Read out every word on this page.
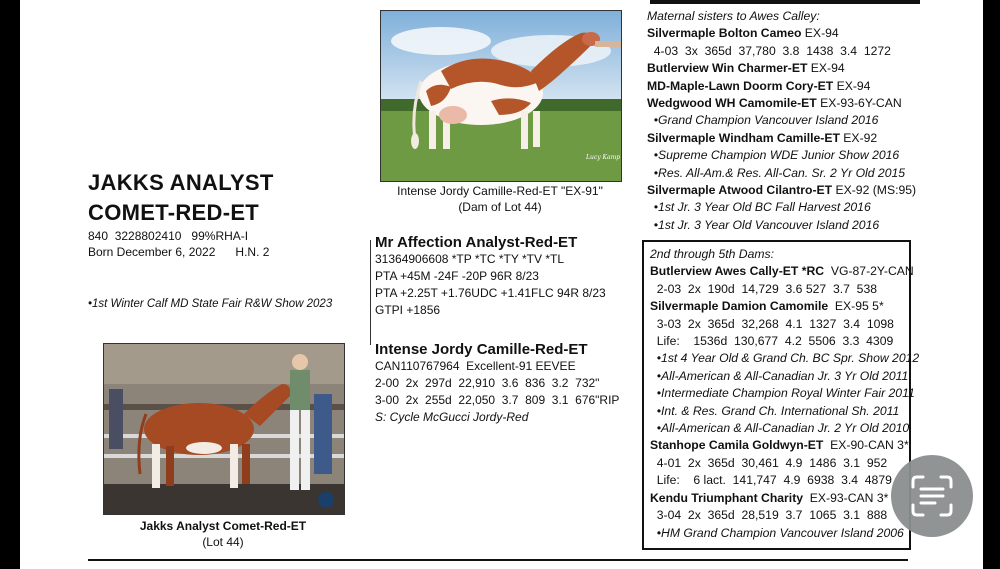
Lucy Kamp
Intense Jordy Camille-Red-ET "EX-91"
(Dam of Lot 44)
JAKKS ANALYST
COMET-RED-ET
840  3228802410   99%RHA-I
Born December 6, 2022      H.N. 2
•1st Winter Calf MD State Fair R&W Show 2023
Jakks Analyst Comet-Red-ET
(Lot 44)
Mr Affection Analyst-Red-ET
31364906608 *TP *TC *TY *TV *TL
PTA +45M -24F -20P 96R 8/23
PTA +2.25T +1.76UDC +1.41FLC 94R 8/23
GTPI +1856
Intense Jordy Camille-Red-ET
CAN110767964  Excellent-91 EEVEE
2-00  2x  297d  22,910  3.6  836  3.2  732"
3-00  2x  255d  22,050  3.7  809  3.1  676"RIP
S: Cycle McGucci Jordy-Red
Maternal sisters to Awes Calley:
Silvermaple Bolton Cameo EX-94
4-03  3x  365d  37,780  3.8  1438  3.4  1272
Butlerview Win Charmer-ET EX-94
MD-Maple-Lawn Doorm Cory-ET EX-94
Wedgwood WH Camomile-ET EX-93-6Y-CAN
•Grand Champion Vancouver Island 2016
Silvermaple Windham Camille-ET EX-92
•Supreme Champion WDE Junior Show 2016
•Res. All-Am.& Res. All-Can. Sr. 2 Yr Old 2015
Silvermaple Atwood Cilantro-ET EX-92 (MS:95)
•1st Jr. 3 Year Old BC Fall Harvest 2016
•1st Jr. 3 Year Old Vancouver Island 2016
2nd through 5th Dams:
Butlerview Awes Cally-ET *RC  VG-87-2Y-CAN
2-03  2x  190d  14,729  3.6 527  3.7  538
Silvermaple Damion Camomile  EX-95 5*
3-03  2x  365d  32,268  4.1  1327  3.4  1098
Life:    1536d  130,677  4.2  5506  3.3  4309
•1st 4 Year Old & Grand Ch. BC Spr. Show 2012
•All-American & All-Canadian Jr. 3 Yr Old 2011
•Intermediate Champion Royal Winter Fair 2011
•Int. & Res. Grand Ch. International Sh. 2011
•All-American & All-Canadian Jr. 2 Yr Old 2010
Stanhope Camila Goldwyn-ET  EX-90-CAN 3*
4-01  2x  365d  30,461  4.9  1486  3.1  952
Life:    6 lact.  141,747  4.9  6938  3.4  4879
Kendu Triumphant Charity  EX-93-CAN 3*
3-04  2x  365d  28,519  3.7  1065  3.1  888
•HM Grand Champion Vancouver Island 2006
